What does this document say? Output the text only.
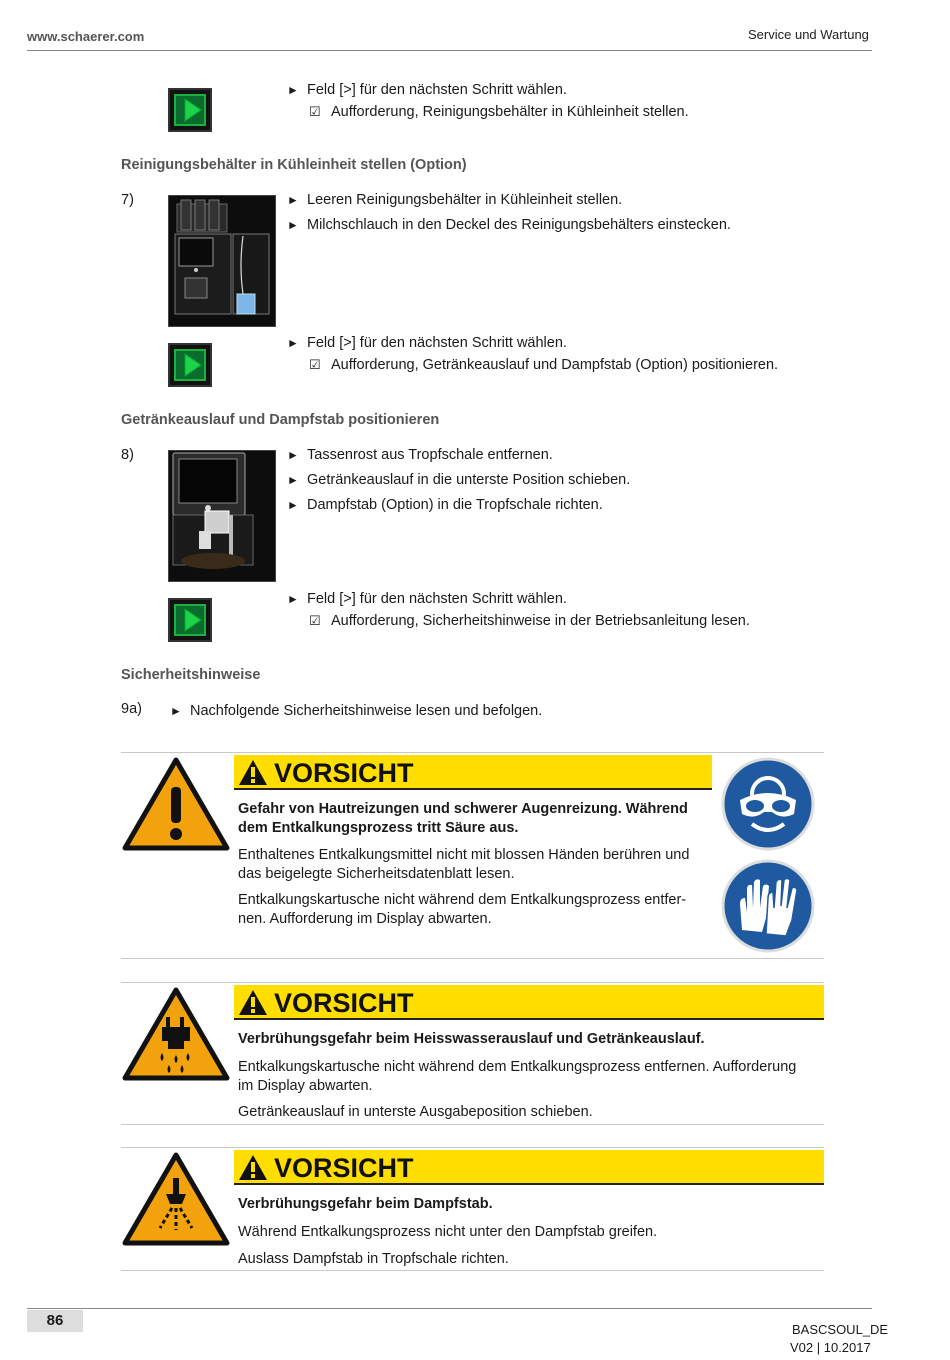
www.schaerer.com	Service und Wartung
► Feld [>] für den nächsten Schritt wählen.
☑ Aufforderung, Reinigungsbehälter in Kühleinheit stellen.
Reinigungsbehälter in Kühleinheit stellen (Option)
7)	► Leeren Reinigungsbehälter in Kühleinheit stellen.
► Milchschlauch in den Deckel des Reinigungsbehälters einstecken.
► Feld [>] für den nächsten Schritt wählen.
☑ Aufforderung, Getränkeauslauf und Dampfstab (Option) positionieren.
Getränkeauslauf und Dampfstab positionieren
8)	► Tassenrost aus Tropfschale entfernen.
► Getränkeauslauf in die unterste Position schieben.
► Dampfstab (Option) in die Tropfschale richten.
► Feld [>] für den nächsten Schritt wählen.
☑ Aufforderung, Sicherheitshinweise in der Betriebsanleitung lesen.
Sicherheitshinweise
9a) ► Nachfolgende Sicherheitshinweise lesen und befolgen.
VORSICHT
Gefahr von Hautreizungen und schwerer Augenreizung. Während
dem Entkalkungsprozess tritt Säure aus.
Enthaltenes Entkalkungsmittel nicht mit blossen Händen berühren und
das beigelegte Sicherheitsdatenblatt lesen.
Entkalkungskartusche nicht während dem Entkalkungsprozess entfer-
nen. Aufforderung im Display abwarten.
VORSICHT
Verbrühungsgefahr beim Heisswasserauslauf und Getränkeauslauf.
Entkalkungskartusche nicht während dem Entkalkungsprozess entfernen. Aufforderung
im Display abwarten.
Getränkeauslauf in unterste Ausgabeposition schieben.
VORSICHT
Verbrühungsgefahr beim Dampfstab.
Während Entkalkungsprozess nicht unter den Dampfstab greifen.
Auslass Dampfstab in Tropfschale richten.
86
BASCSOUL_DE
V02 | 10.2017
